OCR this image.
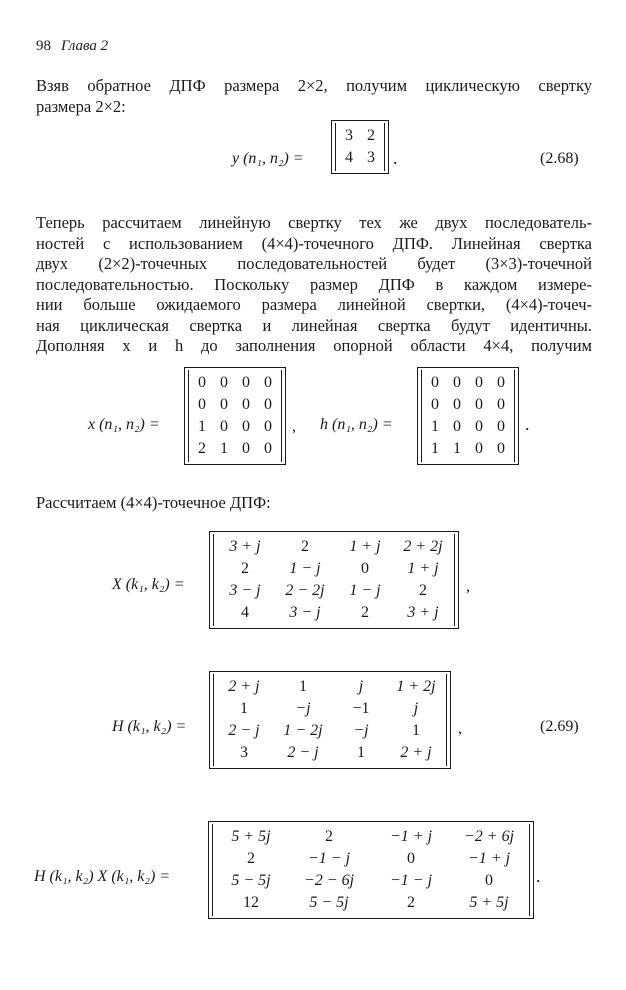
98 Глава 2
Взяв обратное ДПФ размера 2×2, получим циклическую свертку
размера 2×2:
y (n₁, n₂) =
3	2
4	3 .	(2.68)
Теперь рассчитаем линейную свертку тех же двух последователь-
ностей с использованием (4×4)-точечного ДПФ. Линейная свертка
двух (2×2)-точечных последовательностей будет (3×3)-точечной
последовательностью. Поскольку размер ДПФ в каждом измере-
нии больше ожидаемого размера линейной свертки, (4×4)-точеч-
ная циклическая свертка и линейная свертка будут идентичны.
Дополняя x и h до заполнения опорной области 4×4, получим
x (n₁, n₂) =
0	0	0	0
0	0	0	0
1	0	0	0
2	1	0	0
, h (n₁, n₂) =
0	0	0	0
0	0	0	0
1	0	0	0
1	1	0	0
.
Рассчитаем (4×4)-точечное ДПФ:
X (k₁, k₂) =
3 + j	2	1 + j	2 + 2j
2	1 − j	0	1 + j
3 − j	2 − 2j	1 − j	2
4	3 − j	2	3 + j
,
H (k₁, k₂) =
2 + j	1	j	1 + 2j
1	−j	−1	j
2 − j	1 − 2j	−j	1
3	2 − j	1	2 + j
,	(2.69)
H (k₁, k₂) X (k₁, k₂) =
5 + 5j	2	−1 + j	−2 + 6j
2	−1 − j	0	−1 + j
5 − 5j	−2 − 6j	−1 − j	0
12	5 − 5j	2	5 + 5j
.
